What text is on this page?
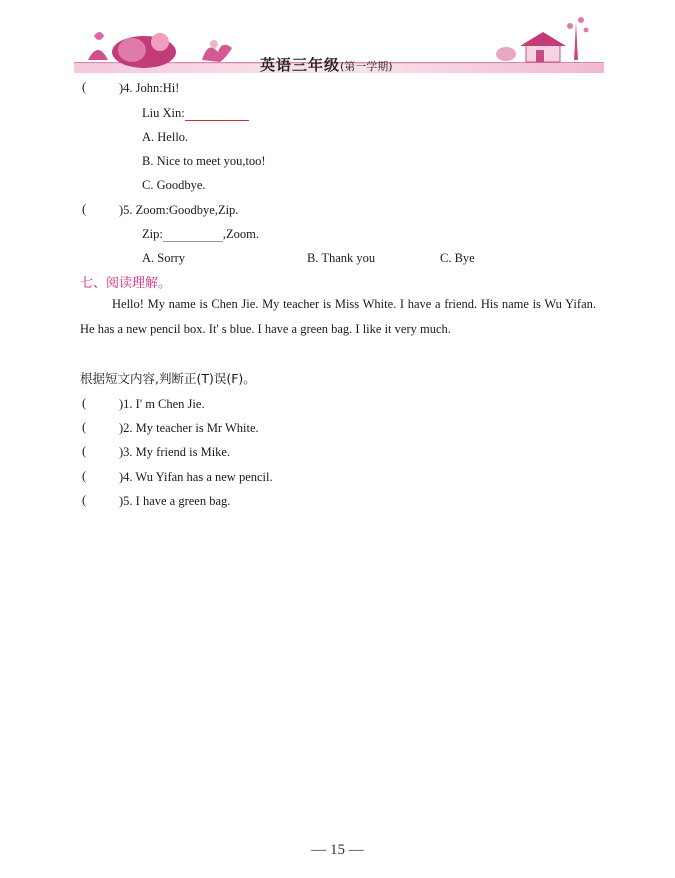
英语三年级(第一学期)
(	)4. John:Hi!
Liu Xin:
A. Hello.
B. Nice to meet you,too!
C. Goodbye.
(	)5. Zoom:Goodbye,Zip.
Zip:	,Zoom.
A. Sorry	B. Thank you	C. Bye
七、阅读理解。
Hello! My name is Chen Jie. My teacher is Miss White. I have a friend. His name is Wu Yifan. He has a new pencil box. It' s blue. I have a green bag. I like it very much.
根据短文内容,判断正(T)误(F)。
(	)1. I' m Chen Jie.
(	)2. My teacher is Mr White.
(	)3. My friend is Mike.
(	)4. Wu Yifan has a new pencil.
(	)5. I have a green bag.
— 15 —
